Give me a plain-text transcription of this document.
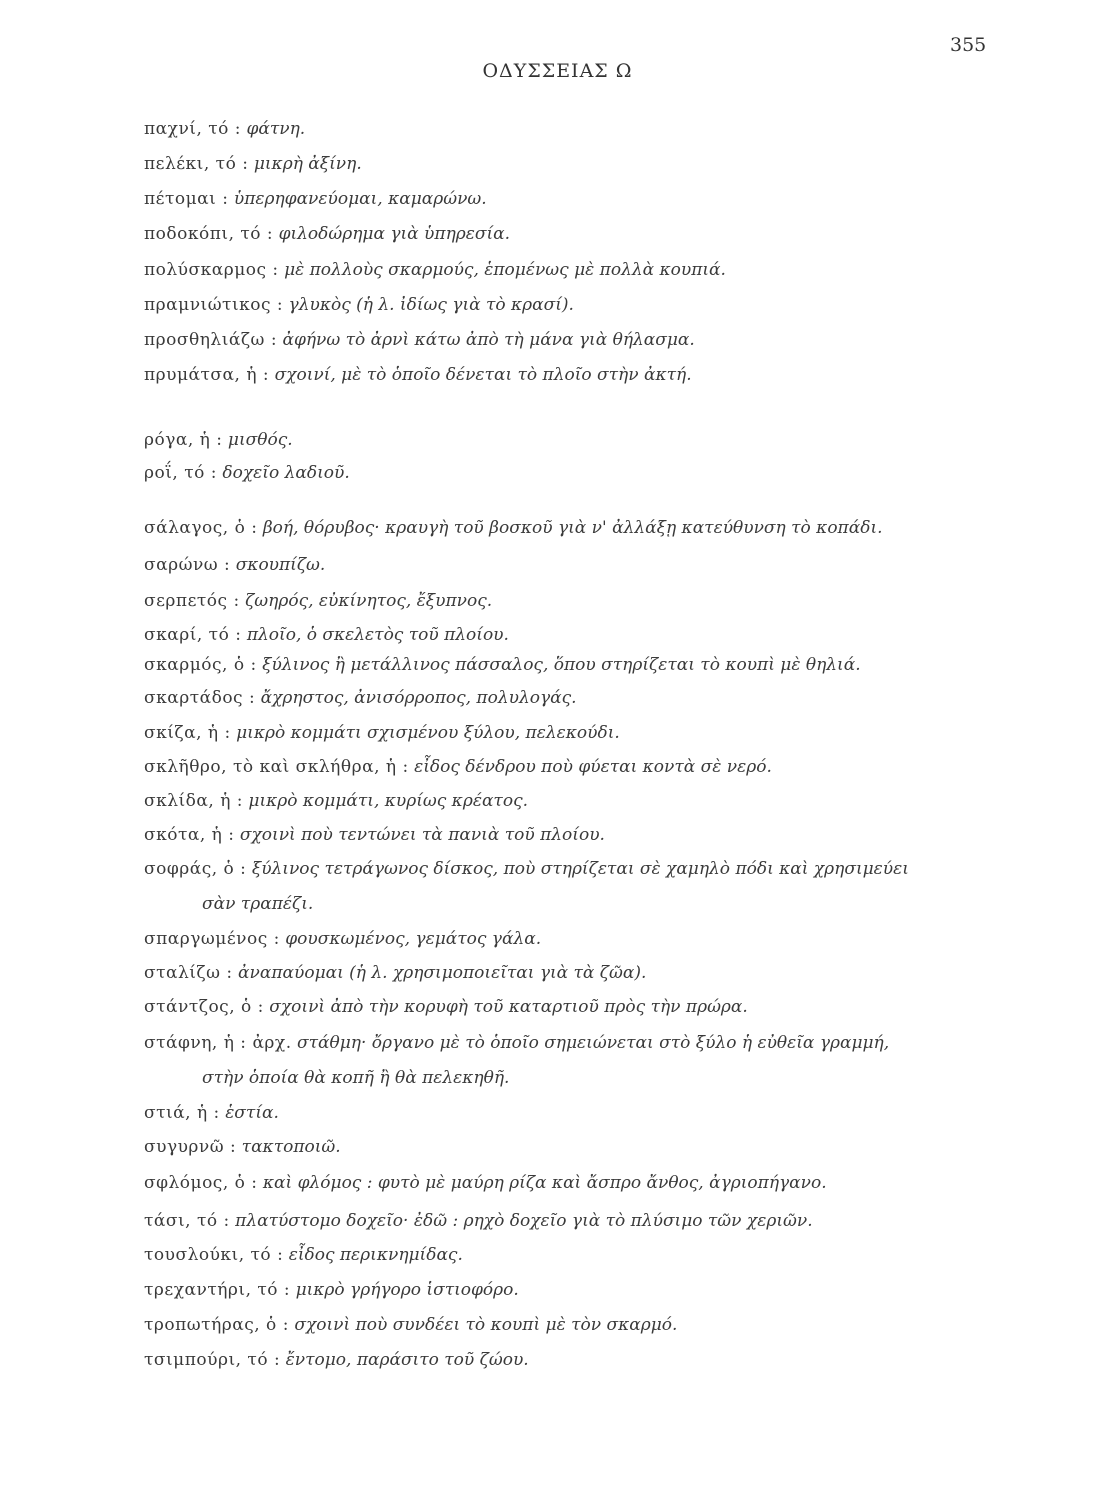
355
ΟΔΥΣΣΕΙΑΣ Ω
παχνί, τό : φάτνη.
πελέκι, τό : μικρὴ ἀξίνη.
πέτομαι : ὑπερηφανεύομαι, καμαρώνω.
ποδοκόπι, τό : φιλοδώρημα γιὰ ὑπηρεσία.
πολύσκαρμος : μὲ πολλοὺς σκαρμούς, ἑπομένως μὲ πολλὰ κουπιά.
πραμνιώτικος : γλυκὸς (ἡ λ. ἰδίως γιὰ τὸ κρασί).
προσθηλιάζω : ἀφήνω τὸ ἀρνὶ κάτω ἀπὸ τὴ μάνα γιὰ θήλασμα.
πρυμάτσα, ἡ : σχοινί, μὲ τὸ ὁποῖο δένεται τὸ πλοῖο στὴν ἀκτή.
ρόγα, ἡ : μισθός.
ροΐ, τό : δοχεῖο λαδιοῦ.
σάλαγος, ὁ : βοή, θόρυβος· κραυγὴ τοῦ βοσκοῦ γιὰ ν' ἀλλάξῃ κατεύθυνση τὸ κοπάδι.
σαρώνω : σκουπίζω.
σερπετός : ζωηρός, εὐκίνητος, ἔξυπνος.
σκαρί, τό : πλοῖο, ὁ σκελετὸς τοῦ πλοίου.
σκαρμός, ὁ : ξύλινος ἢ μετάλλινος πάσσαλος, ὅπου στηρίζεται τὸ κουπὶ μὲ θηλιά.
σκαρτάδος : ἄχρηστος, ἀνισόρροπος, πολυλογάς.
σκίζα, ἡ : μικρὸ κομμάτι σχισμένου ξύλου, πελεκούδι.
σκλῆθρο, τὸ καὶ σκλήθρα, ἡ : εἶδος δένδρου ποὺ φύεται κοντὰ σὲ νερό.
σκλίδα, ἡ : μικρὸ κομμάτι, κυρίως κρέατος.
σκότα, ἡ : σχοινὶ ποὺ τεντώνει τὰ πανιὰ τοῦ πλοίου.
σοφράς, ὁ : ξύλινος τετράγωνος δίσκος, ποὺ στηρίζεται σὲ χαμηλὸ πόδι καὶ χρησιμεύει
σὰν τραπέζι.
σπαργωμένος : φουσκωμένος, γεμάτος γάλα.
σταλίζω : ἀναπαύομαι (ἡ λ. χρησιμοποιεῖται γιὰ τὰ ζῶα).
στάντζος, ὁ : σχοινὶ ἀπὸ τὴν κορυφὴ τοῦ καταρτιοῦ πρὸς τὴν πρώρα.
στάφνη, ἡ : ἀρχ. στάθμη· ὄργανο μὲ τὸ ὁποῖο σημειώνεται στὸ ξύλο ἡ εὐθεῖα γραμμή,
στὴν ὁποία θὰ κοπῆ ἢ θὰ πελεκηθῆ.
στιά, ἡ : ἑστία.
συγυρνῶ : τακτοποιῶ.
σφλόμος, ὁ : καὶ φλόμος : φυτὸ μὲ μαύρη ρίζα καὶ ἄσπρο ἄνθος, ἀγριοπήγανο.
τάσι, τό : πλατύστομο δοχεῖο· ἐδῶ : ρηχὸ δοχεῖο γιὰ τὸ πλύσιμο τῶν χεριῶν.
τουσλούκι, τό : εἶδος περικνημίδας.
τρεχαντήρι, τό : μικρὸ γρήγορο ἱστιοφόρο.
τροπωτήρας, ὁ : σχοινὶ ποὺ συνδέει τὸ κουπὶ μὲ τὸν σκαρμό.
τσιμπούρι, τό : ἔντομο, παράσιτο τοῦ ζώου.
